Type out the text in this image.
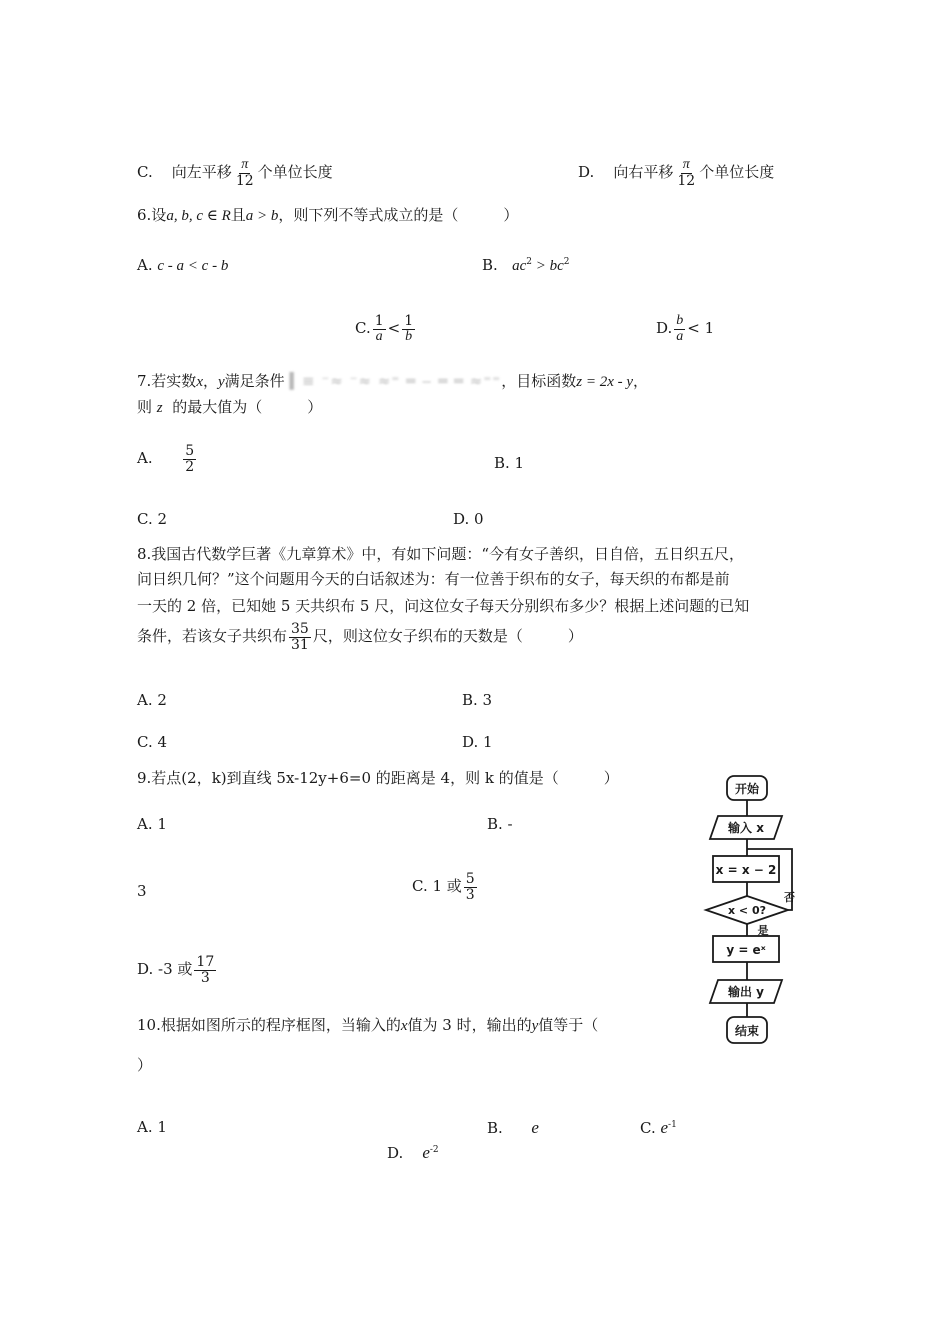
C. 向左平移 $\frac{\pi}{12}$ 个单位长度	D. 向右平移 $\frac{\pi}{12}$ 个单位长度
6.设a, b, c ∈ R且a > b，则下列不等式成立的是（　　　）
A. c - a < c - b	B. $ac^2 > bc^2$
C. $\frac{1}{a} < \frac{1}{b}$	D. $\frac{b}{a} < 1$
7.若实数x，y满足条件 ▍≡ ⁻≈ ⁻≈ ≈⁼ ═ ‒ ═ ═ ≈⁼⁼，目标函数z = 2x - y，
则 z 的最大值为（　　　）
A. $\frac{5}{2}$	B. 1
C. 2	D. 0
8.我国古代数学巨著《九章算术》中，有如下问题：“今有女子善织，日自倍，五日织五尺，
问日织几何？”这个问题用今天的白话叙述为：有一位善于织布的女子，每天织的布都是前
一天的 2 倍，已知她 5 天共织布 5 尺，问这位女子每天分别织布多少？根据上述问题的已知
条件，若该女子共织布 $\frac{35}{31}$ 尺，则这位女子织布的天数是（　　　）
A. 2	B. 3
C. 4	D. 1
9.若点(2，k)到直线 5x-12y+6=0 的距离是 4，则 k 的值是（　　　）
A. 1	B. -
3	C. 1 或 $\frac{5}{3}$
D. -3 或 $\frac{17}{3}$
开始
输入 x
x = x − 2
x < 0?
否
是
y = eˣ
输出 y
结束
10.根据如图所示的程序框图，当输入的x值为 3 时，输出的y值等于（
）
A. 1	B. e	C. $e^{-1}$
D. $e^{-2}$
